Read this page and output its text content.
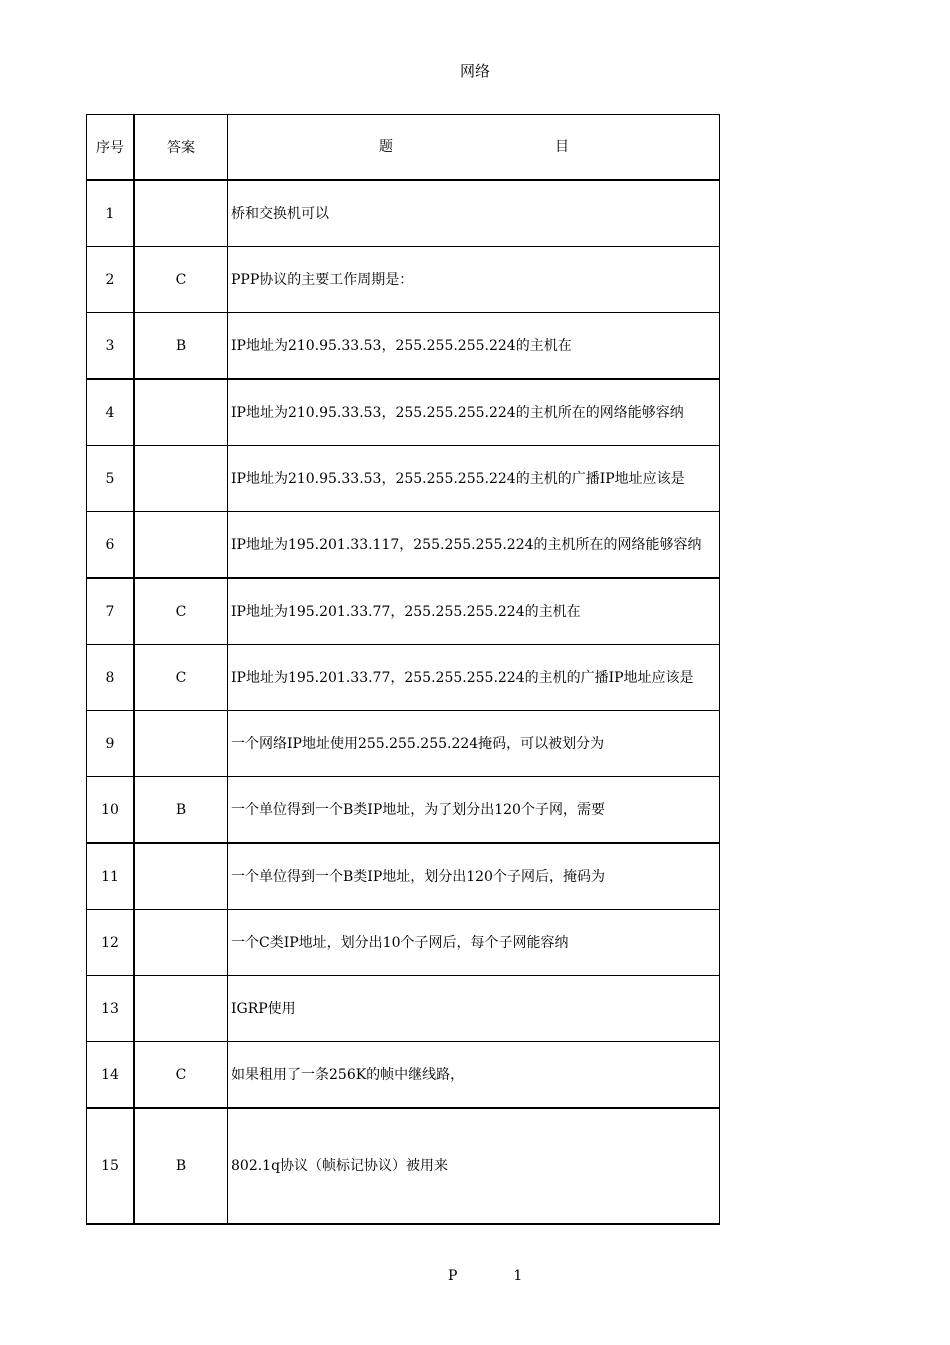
网络
序号	答案	题 目

1		桥和交换机可以
2	C	PPP协议的主要工作周期是：
3	B	IP地址为210.95.33.53，255.255.255.224的主机在
4		IP地址为210.95.33.53，255.255.255.224的主机所在的网络能够容纳
5		IP地址为210.95.33.53，255.255.255.224的主机的广播IP地址应该是
6		IP地址为195.201.33.117，255.255.255.224的主机所在的网络能够容纳
7	C	IP地址为195.201.33.77，255.255.255.224的主机在
8	C	IP地址为195.201.33.77，255.255.255.224的主机的广播IP地址应该是
9		一个网络IP地址使用255.255.255.224掩码，可以被划分为
10	B	一个单位得到一个B类IP地址，为了划分出120个子网，需要
11		一个单位得到一个B类IP地址，划分出120个子网后，掩码为
12		一个C类IP地址，划分出10个子网后，每个子网能容纳
13		IGRP使用
14	C	如果租用了一条256K的帧中继线路，
15	B	802.1q协议（帧标记协议）被用来
P	1
